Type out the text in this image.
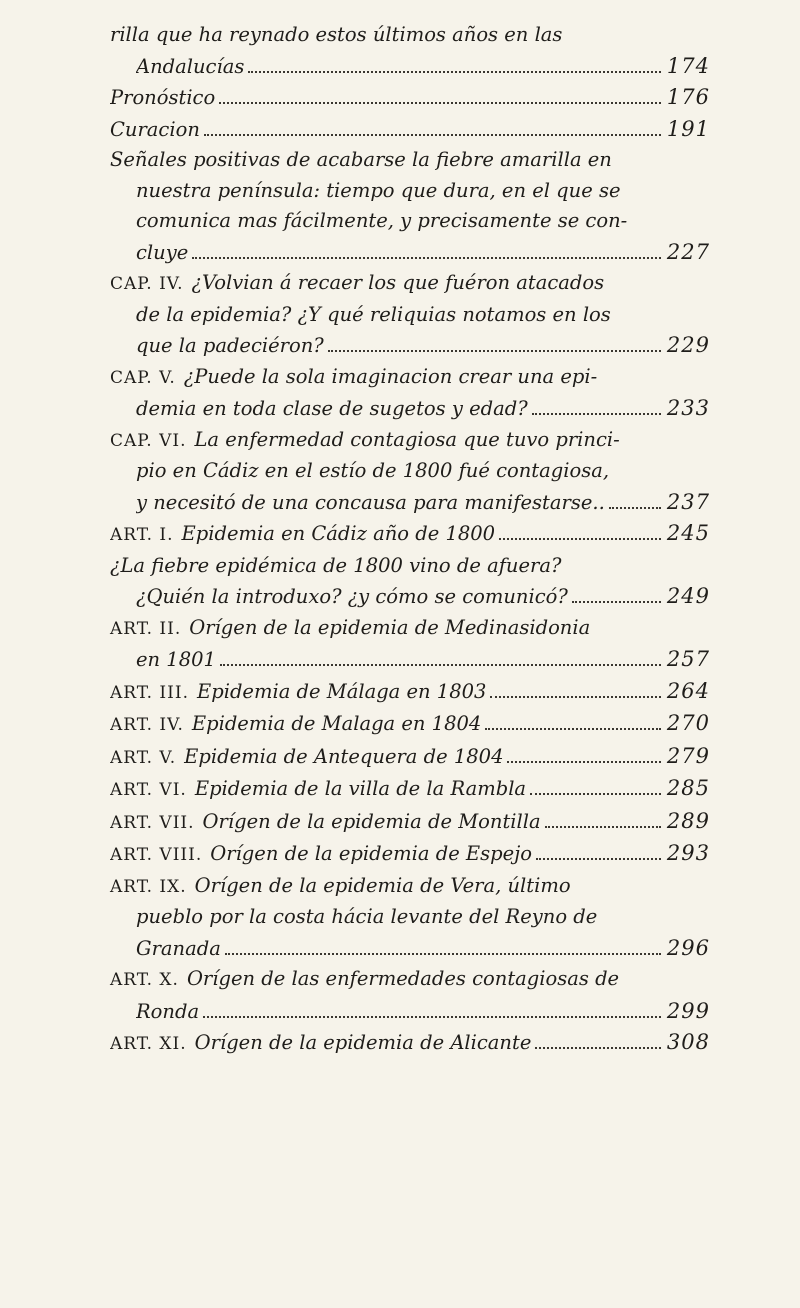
rilla que ha reynado estos últimos años en las
Andalucías	174
Pronóstico	176
Curacion	191
Señales positivas de acabarse la fiebre amarilla en
nuestra península: tiempo que dura, en el que se
comunica mas fácilmente, y precisamente se con-
cluye	227
CAP. IV. ¿Volvian á recaer los que fuéron atacados
de la epidemia? ¿Y qué reliquias notamos en los
que la padeciéron?	229
CAP. V. ¿Puede la sola imaginacion crear una epi-
demia en toda clase de sugetos y edad?	233
CAP. VI. La enfermedad contagiosa que tuvo princi-
pio en Cádiz en el estío de 1800 fué contagiosa,
y necesitó de una concausa para manifestarse..	237
ART. I. Epidemia en Cádiz año de 1800	245
¿La fiebre epidémica de 1800 vino de afuera?
¿Quién la introduxo? ¿y cómo se comunicó?	249
ART. II. Orígen de la epidemia de Medinasidonia
en 1801	257
ART. III. Epidemia de Málaga en 1803	264
ART. IV. Epidemia de Malaga en 1804	270
ART. V. Epidemia de Antequera de 1804	279
ART. VI. Epidemia de la villa de la Rambla	285
ART. VII. Orígen de la epidemia de Montilla	289
ART. VIII. Orígen de la epidemia de Espejo	293
ART. IX. Orígen de la epidemia de Vera, último
pueblo por la costa hácia levante del Reyno de
Granada	296
ART. X. Orígen de las enfermedades contagiosas de
Ronda	299
ART. XI. Orígen de la epidemia de Alicante	308
